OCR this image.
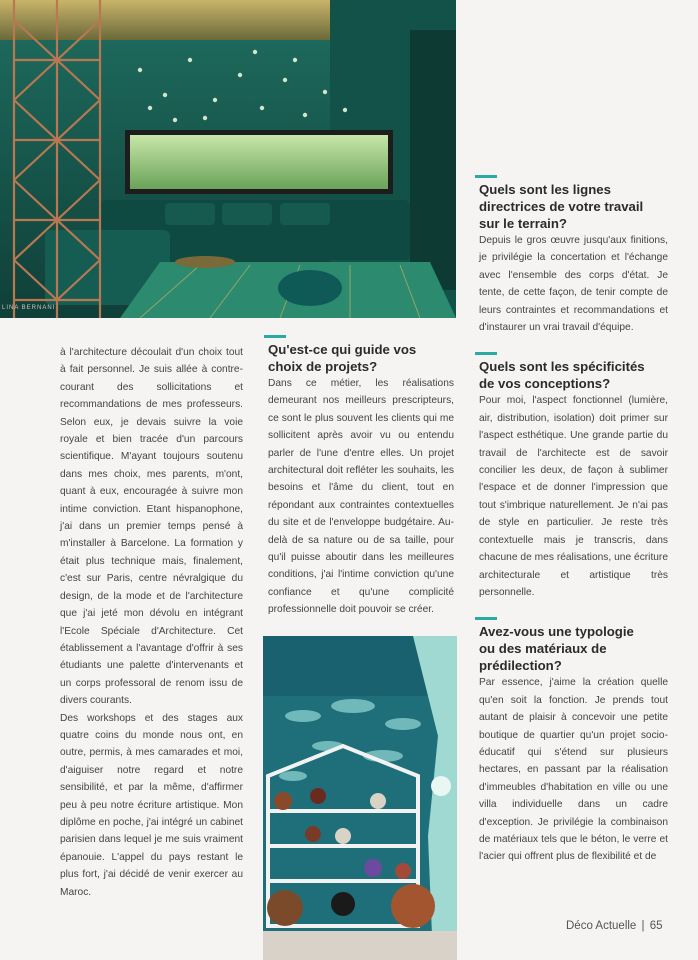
LINA BERNANI

à l'architecture découlait d'un choix tout à fait personnel. Je suis allée à contre-courant des sollicitations et recommandations de mes professeurs. Selon eux, je devais suivre la voie royale et bien tracée d'un parcours scientifique. M'ayant toujours soutenu dans mes choix, mes parents, m'ont, quant à eux, encouragée à suivre mon intime conviction. Etant hispanophone, j'ai dans un premier temps pensé à m'installer à Barcelone. La formation y était plus technique mais, finalement, c'est sur Paris, centre névralgique du design, de la mode et de l'architecture que j'ai jeté mon dévolu en intégrant l'Ecole Spéciale d'Architecture. Cet établissement a l'avantage d'offrir à ses étudiants une palette d'intervenants et un corps professoral de renom issu de divers courants.

Des workshops et des stages aux quatre coins du monde nous ont, en outre, permis, à mes camarades et moi, d'aiguiser notre regard et notre sensibilité, et par la même, d'affirmer peu à peu notre écriture artistique. Mon diplôme en poche, j'ai intégré un cabinet parisien dans lequel je me suis vraiment épanouie. L'appel du pays restant le plus fort, j'ai décidé de venir exercer au Maroc.

Qu'est-ce qui guide vos choix de projets?

Dans ce métier, les réalisations demeurant nos meilleurs prescripteurs, ce sont le plus souvent les clients qui me sollicitent après avoir vu ou entendu parler de l'une d'entre elles. Un projet architectural doit refléter les souhaits, les besoins et l'âme du client, tout en répondant aux contraintes contextuelles du site et de l'enveloppe budgétaire. Au-delà de sa nature ou de sa taille, pour qu'il puisse aboutir dans les meilleures conditions, j'ai l'intime conviction qu'une confiance et qu'une complicité professionnelle doit pouvoir se créer.

Quels sont les lignes directrices de votre travail sur le terrain?

Depuis le gros œuvre jusqu'aux finitions, je privilégie la concertation et l'échange avec l'ensemble des corps d'état. Je tente, de cette façon, de tenir compte de leurs contraintes et recommandations et d'instaurer un vrai travail d'équipe.

Quels sont les spécificités de vos conceptions?

Pour moi, l'aspect fonctionnel (lumière, air, distribution, isolation) doit primer sur l'aspect esthétique. Une grande partie du travail de l'architecte est de savoir concilier les deux, de façon à sublimer l'espace et de donner l'impression que tout s'imbrique naturellement. Je n'ai pas de style en particulier. Je reste très contextuelle mais je transcris, dans chacune de mes réalisations, une écriture architecturale et artistique très personnelle.

Avez-vous une typologie ou des matériaux de prédilection?

Par essence, j'aime la création quelle qu'en soit la fonction. Je prends tout autant de plaisir à concevoir une petite boutique de quartier qu'un projet socio-éducatif qui s'étend sur plusieurs hectares, en passant par la réalisation d'immeubles d'habitation en ville ou une villa individuelle dans un cadre d'exception. Je privilégie la combinaison de matériaux tels que le béton, le verre et l'acier qui offrent plus de flexibilité et de

Déco Actuelle | 65
